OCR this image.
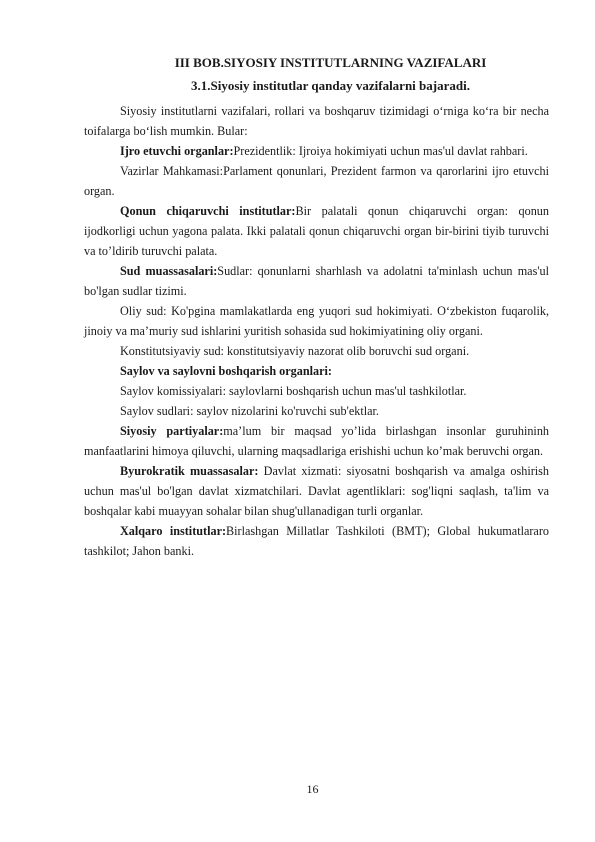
III BOB.SIYOSIY INSTITUTLARNING VAZIFALARI
3.1.Siyosiy institutlar qanday vazifalarni bajaradi.

Siyosiy institutlarni vazifalari, rollari va boshqaruv tizimidagi o‘rniga ko‘ra bir necha toifalarga bo‘lish mumkin. Bular:

Ijro etuvchi organlar:Prezidentlik: Ijroiya hokimiyati uchun mas'ul davlat rahbari.

Vazirlar Mahkamasi:Parlament qonunlari, Prezident farmon va qarorlarini ijro etuvchi organ.

Qonun chiqaruvchi institutlar:Bir palatali qonun chiqaruvchi organ: qonun ijodkorligi uchun yagona palata. Ikki palatali qonun chiqaruvchi organ bir-birini tiyib turuvchi va to’ldirib turuvchi palata.

Sud muassasalari:Sudlar: qonunlarni sharhlash va adolatni ta'minlash uchun mas'ul bo'lgan sudlar tizimi.

Oliy sud: Ko'pgina mamlakatlarda eng yuqori sud hokimiyati. O‘zbekiston fuqarolik, jinoiy va ma’muriy sud ishlarini yuritish sohasida sud hokimiyatining oliy organi.

Konstitutsiyaviy sud: konstitutsiyaviy nazorat olib boruvchi sud organi.

Saylov va saylovni boshqarish organlari:

Saylov komissiyalari: saylovlarni boshqarish uchun mas'ul tashkilotlar.

Saylov sudlari: saylov nizolarini ko'ruvchi sub'ektlar.

Siyosiy partiyalar:ma’lum bir maqsad yo’lida birlashgan insonlar guruhininh manfaatlarini himoya qiluvchi, ularning maqsadlariga erishishi uchun ko’mak beruvchi organ.

Byurokratik muassasalar: Davlat xizmati: siyosatni boshqarish va amalga oshirish uchun mas'ul bo'lgan davlat xizmatchilari. Davlat agentliklari: sog'liqni saqlash, ta'lim va boshqalar kabi muayyan sohalar bilan shug'ullanadigan turli organlar.

Xalqaro institutlar:Birlashgan Millatlar Tashkiloti (BMT); Global hukumatlararo tashkilot; Jahon banki.

16
